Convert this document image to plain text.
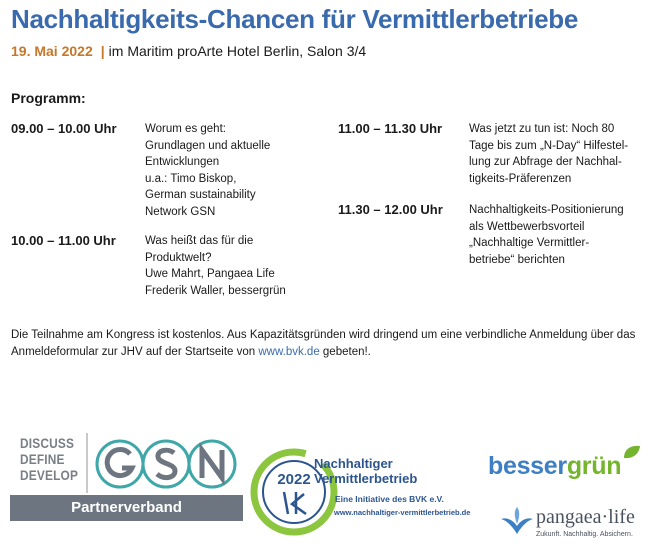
Nachhaltigkeits-Chancen für Vermittlerbetriebe
19. Mai 2022 | im Maritim proArte Hotel Berlin, Salon 3/4
Programm:
09.00 – 10.00 Uhr Worum es geht:
Grundlagen und aktuelle
Entwicklungen
u.a.: Timo Biskop,
German sustainability
Network GSN
10.00 – 11.00 Uhr	Was heißt das für die
Produktwelt?
Uwe Mahrt, Pangaea Life
Frederik Waller, bessergrün
11.00 – 11.30 Uhr Was jetzt zu tun ist: Noch 80
Tage bis zum „N-Day“ Hilfestel-
lung zur Abfrage der Nachhal-
tigkeits-Präferenzen
11.30 – 12.00 Uhr Nachhaltigkeits-Positionierung
als Wettbewerbsvorteil
„Nachhaltige Vermittler-
betriebe“ berichten
Die Teilnahme am Kongress ist kostenlos. Aus Kapazitätsgründen wird dringend um eine verbindliche Anmeldung über das Anmeldeformular zur JHV auf der Startseite von www.bvk.de gebeten!.
DISCUSS
DEFINE
DEVELOP
Partnerverband
2022
Nachhaltiger
Vermittlerbetrieb
Eine Initiative des BVK e.V.
www.nachhaltiger-vermittlerbetrieb.de
bessergrün
pangaea·life
Zukunft. Nachhaltig. Absichern.
